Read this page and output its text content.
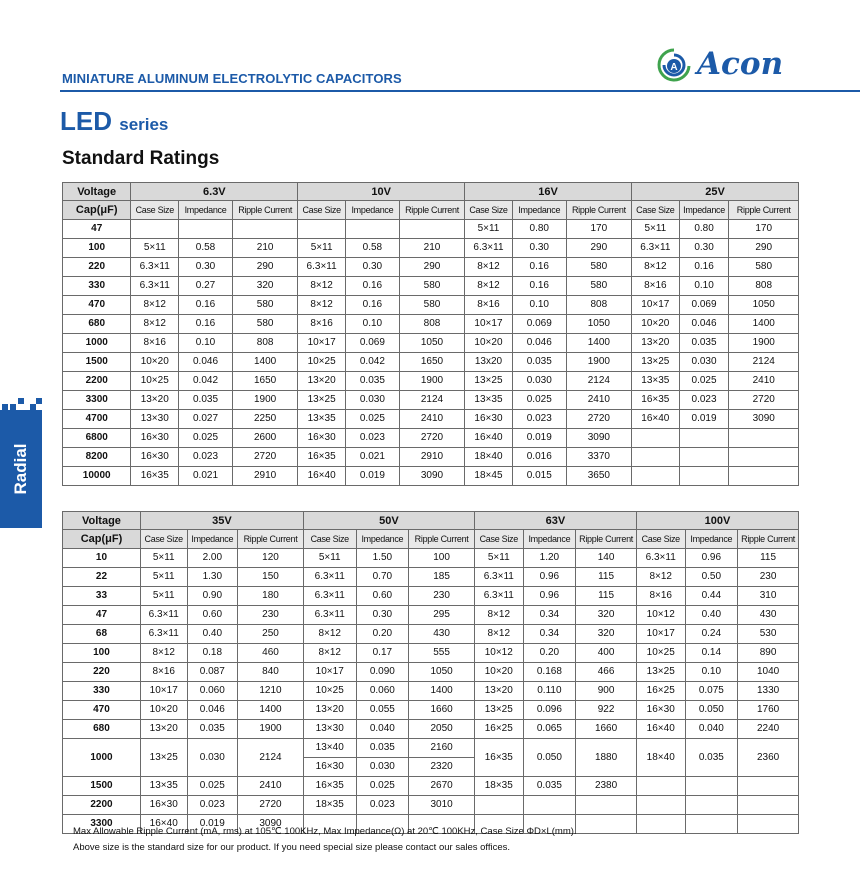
MINIATURE ALUMINUM ELECTROLYTIC CAPACITORS
A Acon
LED series
Standard Ratings
Radial
Voltage	6.3V			10V			16V			25V		
Cap(μF)	Case Size	Impedance	Ripple Current	Case Size	Impedance	Ripple Current	Case Size	Impedance	Ripple Current	Case Size	Impedance	Ripple Current
47							5×11	0.80	170	5×11	0.80	170
100	5×11	0.58	210	5×11	0.58	210	6.3×11	0.30	290	6.3×11	0.30	290
220	6.3×11	0.30	290	6.3×11	0.30	290	8×12	0.16	580	8×12	0.16	580
330	6.3×11	0.27	320	8×12	0.16	580	8×12	0.16	580	8×16	0.10	808
470	8×12	0.16	580	8×12	0.16	580	8×16	0.10	808	10×17	0.069	1050
680	8×12	0.16	580	8×16	0.10	808	10×17	0.069	1050	10×20	0.046	1400
1000	8×16	0.10	808	10×17	0.069	1050	10×20	0.046	1400	13×20	0.035	1900
1500	10×20	0.046	1400	10×25	0.042	1650	13x20	0.035	1900	13×25	0.030	2124
2200	10×25	0.042	1650	13×20	0.035	1900	13×25	0.030	2124	13×35	0.025	2410
3300	13×20	0.035	1900	13×25	0.030	2124	13×35	0.025	2410	16×35	0.023	2720
4700	13×30	0.027	2250	13×35	0.025	2410	16×30	0.023	2720	16×40	0.019	3090
6800	16×30	0.025	2600	16×30	0.023	2720	16×40	0.019	3090			
8200	16×30	0.023	2720	16×35	0.021	2910	18×40	0.016	3370			
10000	16×35	0.021	2910	16×40	0.019	3090	18×45	0.015	3650			
Voltage	35V			50V			63V			100V		
Cap(μF)	Case Size	Impedance	Ripple Current	Case Size	Impedance	Ripple Current	Case Size	Impedance	Ripple Current	Case Size	Impedance	Ripple Current
10	5×11	2.00	120	5×11	1.50	100	5×11	1.20	140	6.3×11	0.96	115
22	5×11	1.30	150	6.3×11	0.70	185	6.3×11	0.96	115	8×12	0.50	230
33	5×11	0.90	180	6.3×11	0.60	230	6.3×11	0.96	115	8×16	0.44	310
47	6.3×11	0.60	230	6.3×11	0.30	295	8×12	0.34	320	10×12	0.40	430
68	6.3×11	0.40	250	8×12	0.20	430	8×12	0.34	320	10×17	0.24	530
100	8×12	0.18	460	8×12	0.17	555	10×12	0.20	400	10×25	0.14	890
220	8×16	0.087	840	10×17	0.090	1050	10×20	0.168	466	13×25	0.10	1040
330	10×17	0.060	1210	10×25	0.060	1400	13×20	0.110	900	16×25	0.075	1330
470	10×20	0.046	1400	13×20	0.055	1660	13×25	0.096	922	16×30	0.050	1760
680	13×20	0.035	1900	13×30	0.040	2050	16×25	0.065	1660	16×40	0.040	2240
1000	13×25	0.030	2124	13×40	0.035	2160	16×35	0.050	1880	18×40	0.035	2360
				16×30	0.030	2320						
1500	13×35	0.025	2410	16×35	0.025	2670	18×35	0.035	2380			
2200	16×30	0.023	2720	18×35	0.023	3010						
3300	16×40	0.019	3090									
Max Allowable Ripple Current (mA, rms) at 105℃ 100KHz, Max Impedance(Ω) at 20℃ 100KHz, Case Size ΦD×L(mm).
Above size is the standard size for our product. If you need special size please contact our sales offices.
